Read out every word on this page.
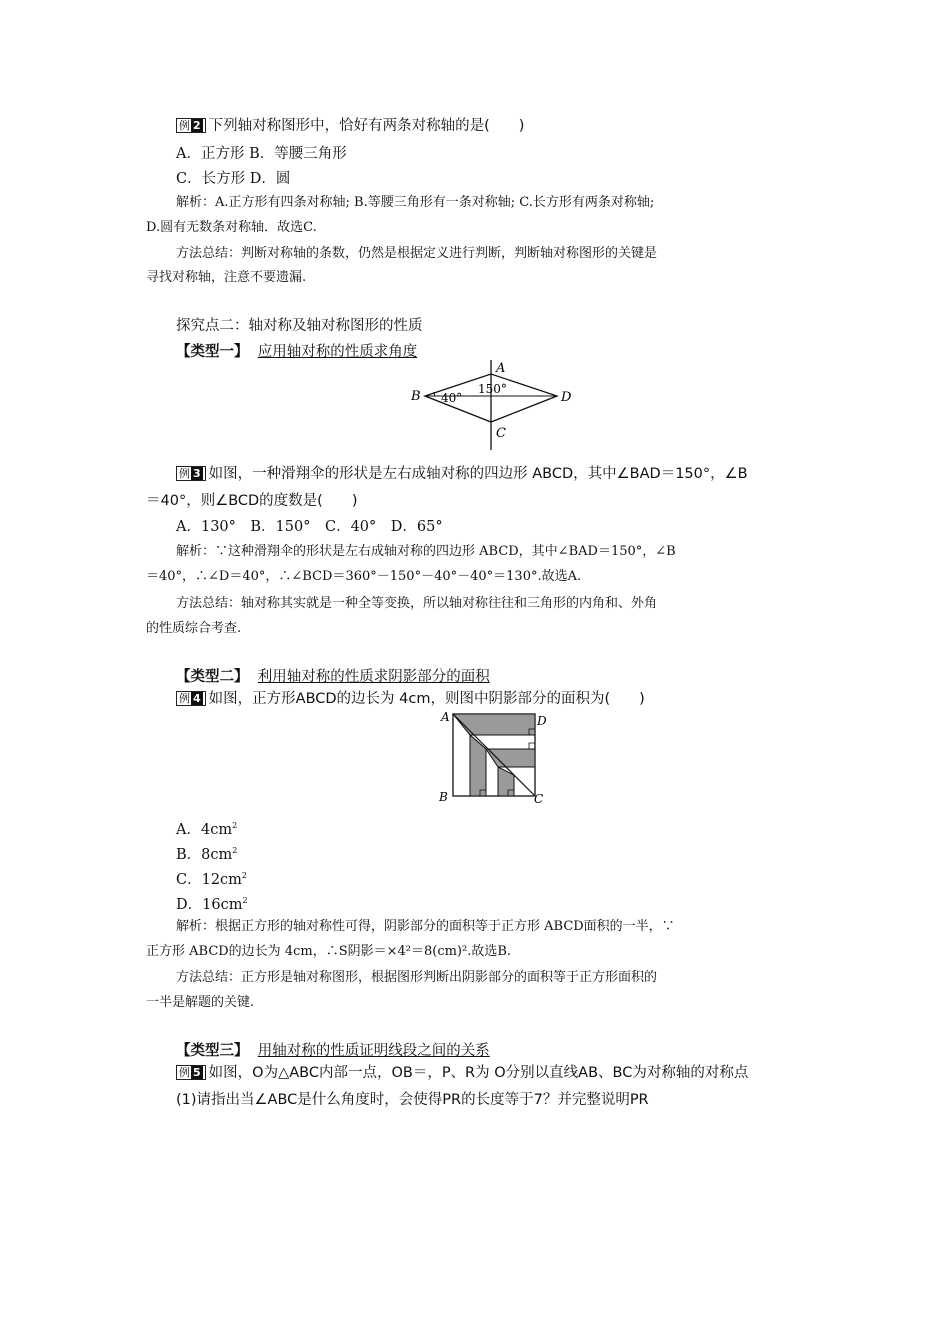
例 2 下列轴对称图形中，恰好有两条对称轴的是(　　)
A．正方形 B．等腰三角形
C．长方形 D．圆
解析：A.正方形有四条对称轴; B.等腰三角形有一条对称轴; C.长方形有两条对称轴;
D.圆有无数条对称轴．故选C.
方法总结：判断对称轴的条数，仍然是根据定义进行判断，判断轴对称图形的关键是
寻找对称轴，注意不要遗漏.
探究点二：轴对称及轴对称图形的性质
【类型一】 应用轴对称的性质求角度
A
B
C
D
150°
40°
例 3 如图，一种滑翔伞的形状是左右成轴对称的四边形 ABCD，其中∠BAD＝150°，∠B
＝40°，则∠BCD的度数是(　　)
A．130°　B．150°　C．40°　D．65°
解析：∵这种滑翔伞的形状是左右成轴对称的四边形 ABCD，其中∠BAD＝150°，∠B
＝40°，∴∠D＝40°，∴∠BCD＝360°－150°－40°－40°＝130°.故选A.
方法总结：轴对称其实就是一种全等变换，所以轴对称往往和三角形的内角和、外角
的性质综合考查.
【类型二】 利用轴对称的性质求阴影部分的面积
例 4 如图，正方形ABCD的边长为 4cm，则图中阴影部分的面积为(　　)
A	D
B	C
A．$4cm^2$
B．$8cm^2$
C．$12cm^2$
D．$16cm^2$
解析：根据正方形的轴对称性可得，阴影部分的面积等于正方形 ABCD面积的一半，∵
正方形 ABCD的边长为 4cm，∴S阴影＝×4²＝8(cm)².故选B.
方法总结：正方形是轴对称图形，根据图形判断出阴影部分的面积等于正方形面积的
一半是解题的关键.
【类型三】 用轴对称的性质证明线段之间的关系
例 5 如图，O为△ABC内部一点，OB＝，P、R为 O分别以直线AB、BC为对称轴的对称点
(1)请指出当∠ABC是什么角度时，会使得PR的长度等于7？并完整说明PR
